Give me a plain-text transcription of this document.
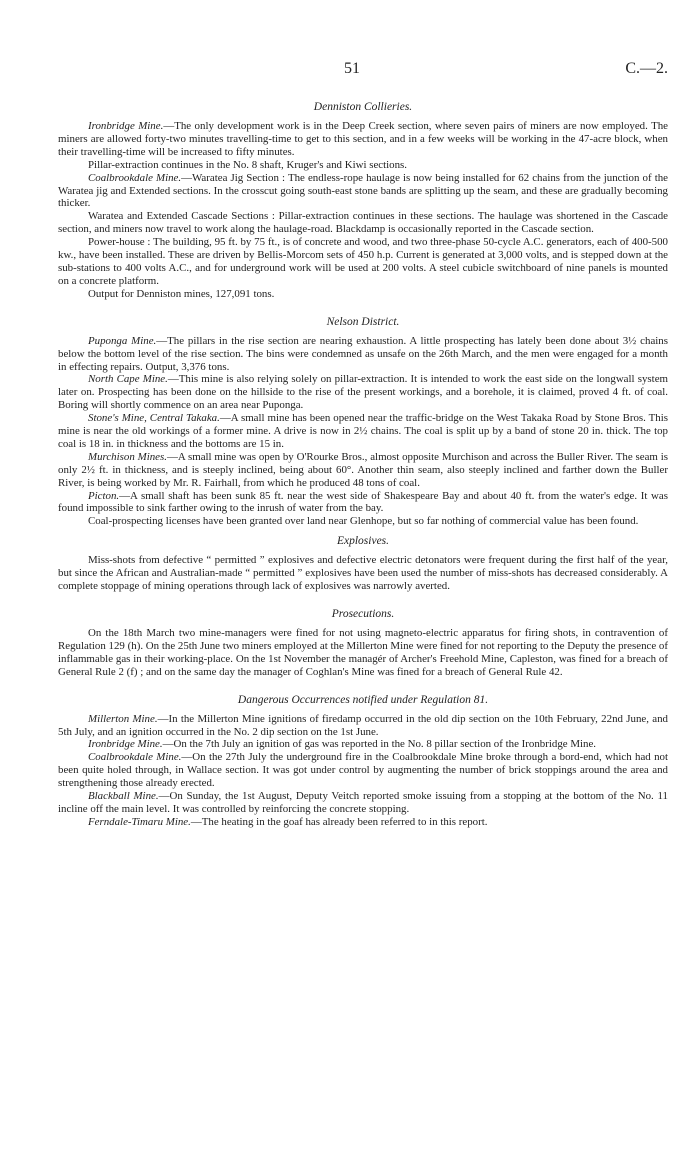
51	C.—2.
Denniston Collieries.

Ironbridge Mine.—The only development work is in the Deep Creek section, where seven pairs of miners are now employed. The miners are allowed forty-two minutes travelling-time to get to this section, and in a few weeks will be working in the 47-acre block, when their travelling-time will be increased to fifty minutes.

Pillar-extraction continues in the No. 8 shaft, Kruger's and Kiwi sections.

Coalbrookdale Mine.—Waratea Jig Section : The endless-rope haulage is now being installed for 62 chains from the junction of the Waratea jig and Extended sections. In the crosscut going south-east stone bands are splitting up the seam, and these are gradually becoming thicker.

Waratea and Extended Cascade Sections : Pillar-extraction continues in these sections. The haulage was shortened in the Cascade section, and miners now travel to work along the haulage-road. Blackdamp is occasionally reported in the Cascade section.

Power-house : The building, 95 ft. by 75 ft., is of concrete and wood, and two three-phase 50-cycle A.C. generators, each of 400-500 kw., have been installed. These are driven by Bellis-Morcom sets of 450 h.p. Current is generated at 3,000 volts, and is stepped down at the sub-stations to 400 volts A.C., and for underground work will be used at 200 volts. A steel cubicle switchboard of nine panels is mounted on a concrete platform.

Output for Denniston mines, 127,091 tons.

Nelson District.

Puponga Mine.—The pillars in the rise section are nearing exhaustion. A little prospecting has lately been done about 3½ chains below the bottom level of the rise section. The bins were condemned as unsafe on the 26th March, and the men were engaged for a month in effecting repairs. Output, 3,376 tons.

North Cape Mine.—This mine is also relying solely on pillar-extraction. It is intended to work the east side on the longwall system later on. Prospecting has been done on the hillside to the rise of the present workings, and a borehole, it is claimed, proved 4 ft. of coal. Boring will shortly commence on an area near Puponga.

Stone's Mine, Central Takaka.—A small mine has been opened near the traffic-bridge on the West Takaka Road by Stone Bros. This mine is near the old workings of a former mine. A drive is now in 2½ chains. The coal is split up by a band of stone 20 in. thick. The top coal is 18 in. in thickness and the bottoms are 15 in.

Murchison Mines.—A small mine was open by O'Rourke Bros., almost opposite Murchison and across the Buller River. The seam is only 2½ ft. in thickness, and is steeply inclined, being about 60°. Another thin seam, also steeply inclined and farther down the Buller River, is being worked by Mr. R. Fairhall, from which he produced 48 tons of coal.

Picton.—A small shaft has been sunk 85 ft. near the west side of Shakespeare Bay and about 40 ft. from the water's edge. It was found impossible to sink farther owing to the inrush of water from the bay.

Coal-prospecting licenses have been granted over land near Glenhope, but so far nothing of commercial value has been found.

Explosives.

Miss-shots from defective “ permitted ” explosives and defective electric detonators were frequent during the first half of the year, but since the African and Australian-made “ permitted ” explosives have been used the number of miss-shots has decreased considerably. A complete stoppage of mining operations through lack of explosives was narrowly averted.

Prosecutions.

On the 18th March two mine-managers were fined for not using magneto-electric apparatus for firing shots, in contravention of Regulation 129 (h). On the 25th June two miners employed at the Millerton Mine were fined for not reporting to the Deputy the presence of inflammable gas in their working-place. On the 1st November the managér of Archer's Freehold Mine, Capleston, was fined for a breach of General Rule 2 (f) ; and on the same day the manager of Coghlan's Mine was fined for a breach of General Rule 42.

Dangerous Occurrences notified under Regulation 81.

Millerton Mine.—In the Millerton Mine ignitions of firedamp occurred in the old dip section on the 10th February, 22nd June, and 5th July, and an ignition occurred in the No. 2 dip section on the 1st June.

Ironbridge Mine.—On the 7th July an ignition of gas was reported in the No. 8 pillar section of the Ironbridge Mine.

Coalbrookdale Mine.—On the 27th July the underground fire in the Coalbrookdale Mine broke through a bord-end, which had not been quite holed through, in Wallace section. It was got under control by augmenting the number of brick stoppings around the area and strengthening those already erected.

Blackball Mine.—On Sunday, the 1st August, Deputy Veitch reported smoke issuing from a stopping at the bottom of the No. 11 incline off the main level. It was controlled by reinforcing the concrete stopping.

Ferndale-Timaru Mine.—The heating in the goaf has already been referred to in this report.
